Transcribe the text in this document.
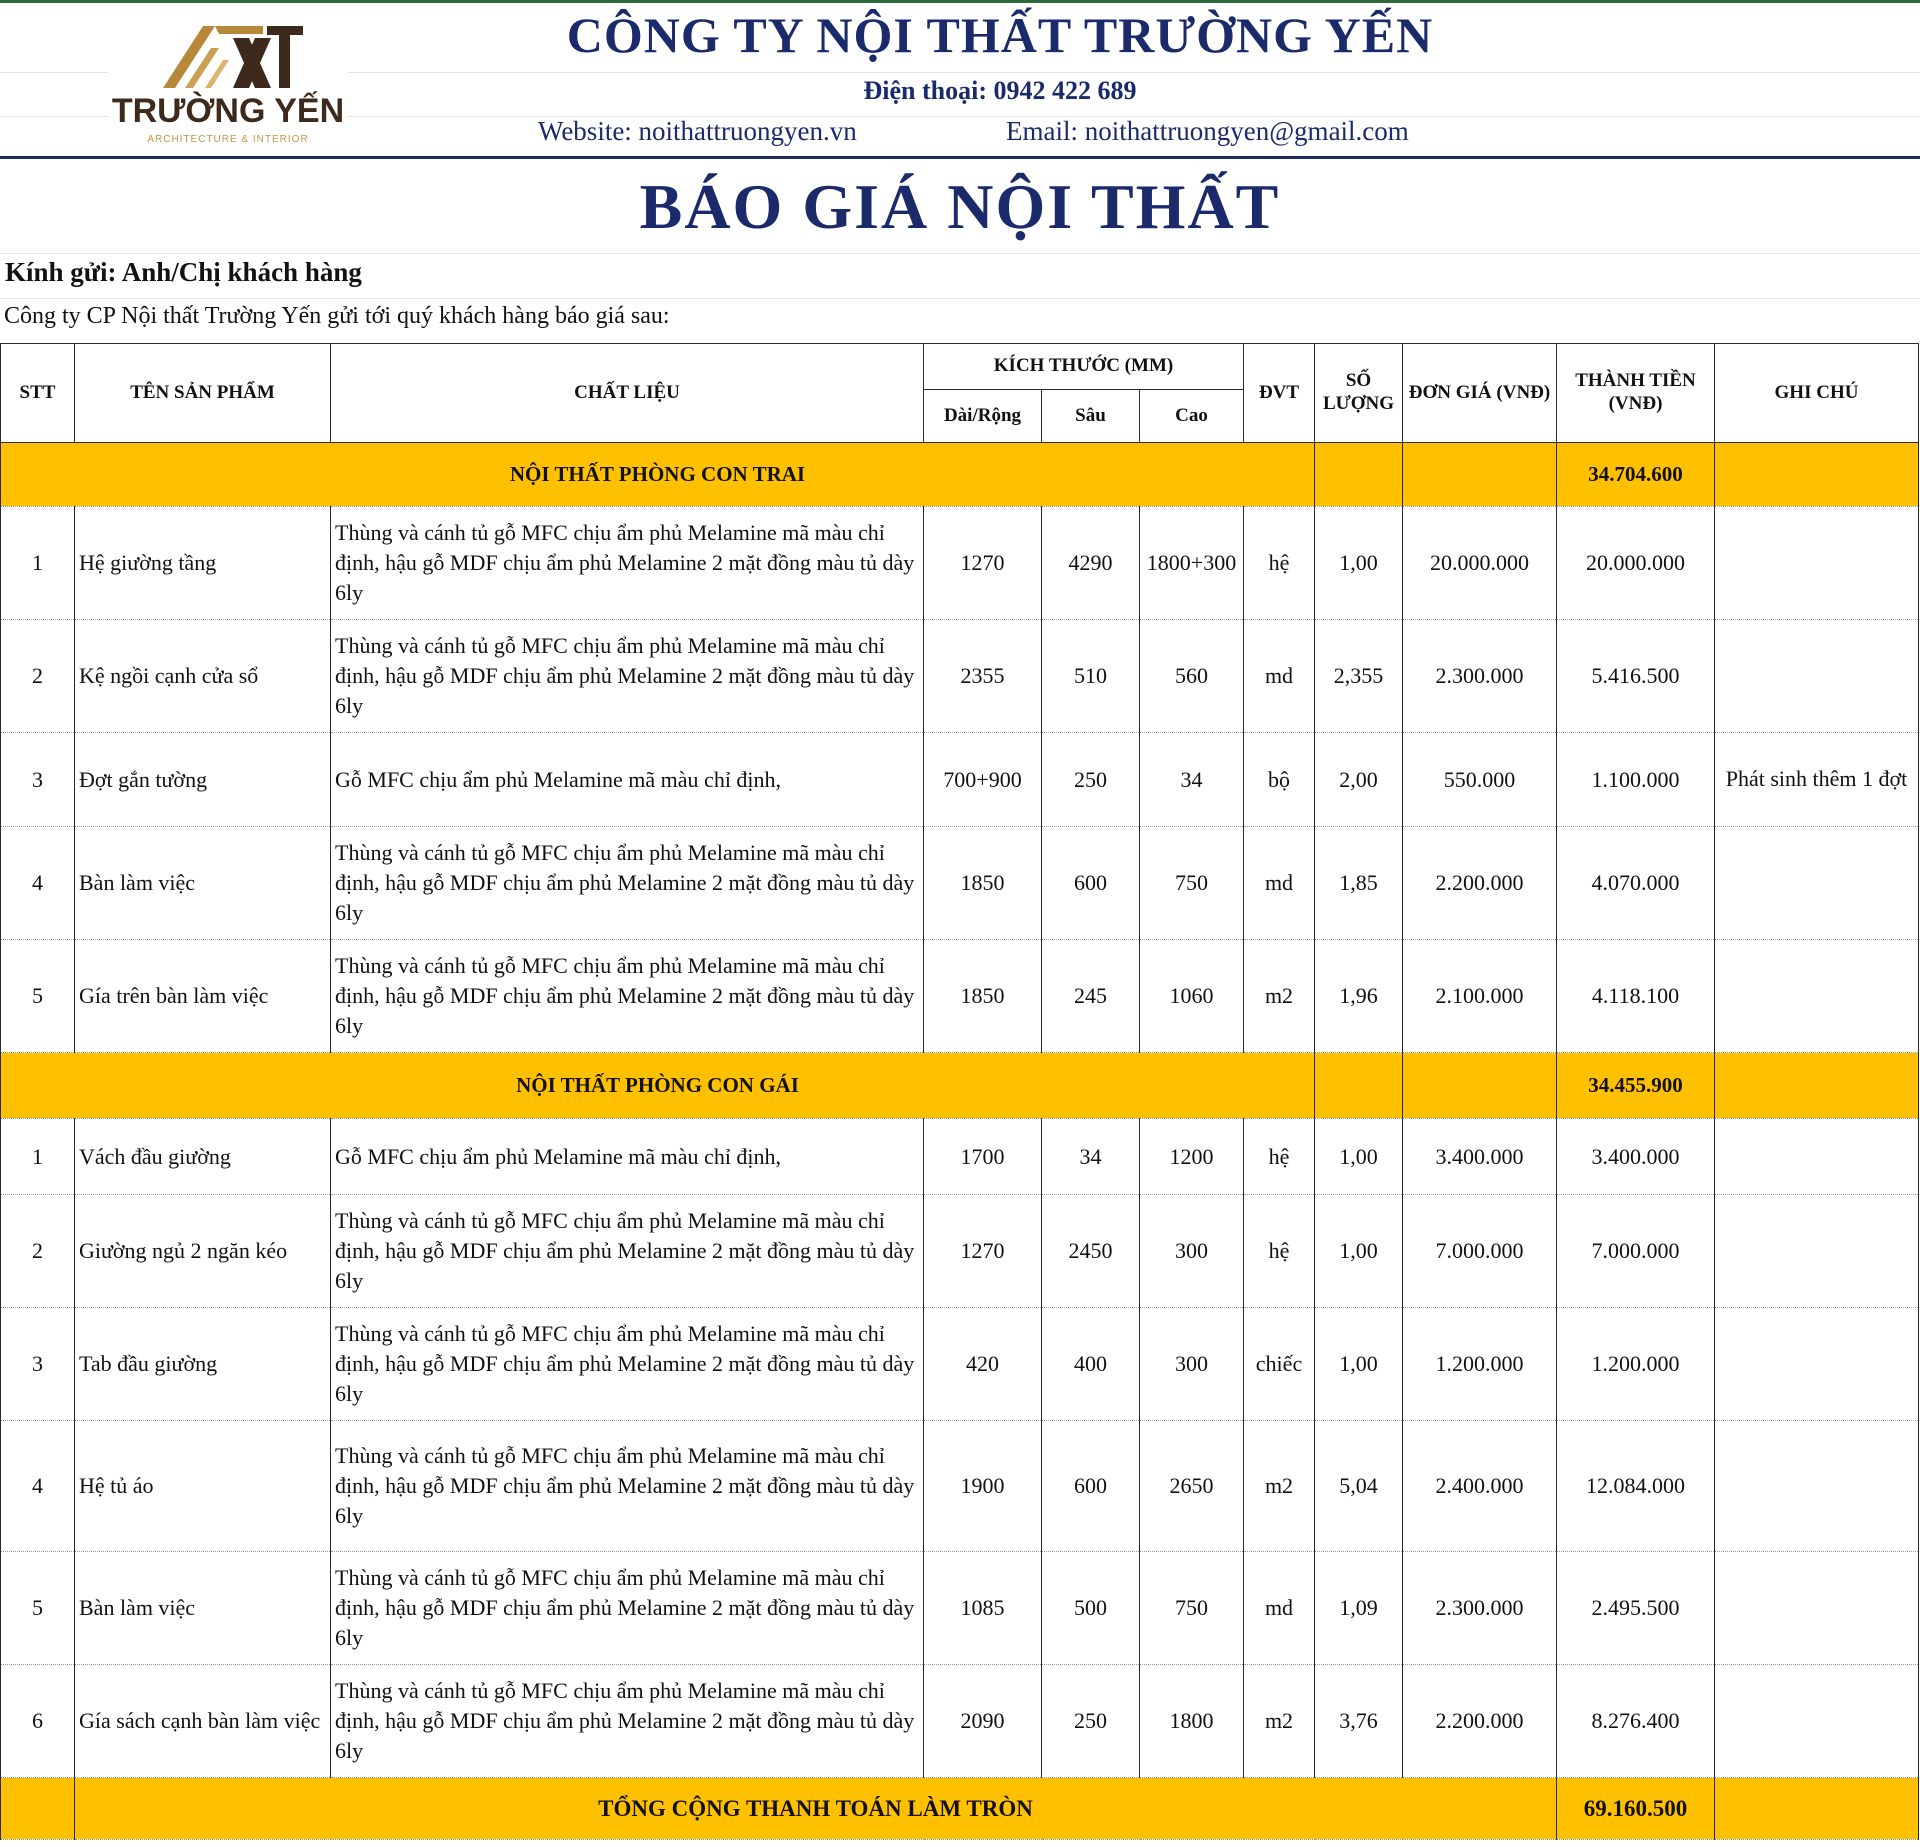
TRƯỜNG YẾN
ARCHITECTURE & INTERIOR
CÔNG TY NỘI THẤT TRƯỜNG YẾN
Điện thoại: 0942 422 689
Website: noithattruongyen.vn	Email: noithattruongyen@gmail.com
BÁO GIÁ NỘI THẤT
Kính gửi: Anh/Chị khách hàng
Công ty CP Nội thất Trường Yến gửi tới quý khách hàng báo giá sau:
STT	TÊN SẢN PHẨM	CHẤT LIỆU	KÍCH THƯỚC (MM)			ĐVT	SỐ LƯỢNG	ĐƠN GIÁ (VNĐ)	THÀNH TIỀN (VNĐ)	GHI CHÚ
			Dài/Rộng	Sâu	Cao					
NỘI THẤT PHÒNG CON TRAI									34.704.600	
1	Hệ giường tầng	Thùng và cánh tủ gỗ MFC chịu ẩm phủ Melamine mã màu chỉ định, hậu gỗ MDF chịu ẩm phủ Melamine 2 mặt đồng màu tủ dày 6ly	1270	4290	1800+300	hệ	1,00	20.000.000	20.000.000	
2	Kệ ngồi cạnh cửa sổ	Thùng và cánh tủ gỗ MFC chịu ẩm phủ Melamine mã màu chỉ định, hậu gỗ MDF chịu ẩm phủ Melamine 2 mặt đồng màu tủ dày 6ly	2355	510	560	md	2,355	2.300.000	5.416.500	
3	Đợt gắn tường	Gỗ MFC chịu ẩm phủ Melamine mã màu chỉ định,	700+900	250	34	bộ	2,00	550.000	1.100.000	Phát sinh thêm 1 đợt
4	Bàn làm việc	Thùng và cánh tủ gỗ MFC chịu ẩm phủ Melamine mã màu chỉ định, hậu gỗ MDF chịu ẩm phủ Melamine 2 mặt đồng màu tủ dày 6ly	1850	600	750	md	1,85	2.200.000	4.070.000	
5	Gía trên bàn làm việc	Thùng và cánh tủ gỗ MFC chịu ẩm phủ Melamine mã màu chỉ định, hậu gỗ MDF chịu ẩm phủ Melamine 2 mặt đồng màu tủ dày 6ly	1850	245	1060	m2	1,96	2.100.000	4.118.100	
NỘI THẤT PHÒNG CON GÁI									34.455.900	
1	Vách đầu giường	Gỗ MFC chịu ẩm phủ Melamine mã màu chỉ định,	1700	34	1200	hệ	1,00	3.400.000	3.400.000	
2	Giường ngủ 2 ngăn kéo	Thùng và cánh tủ gỗ MFC chịu ẩm phủ Melamine mã màu chỉ định, hậu gỗ MDF chịu ẩm phủ Melamine 2 mặt đồng màu tủ dày 6ly	1270	2450	300	hệ	1,00	7.000.000	7.000.000	
3	Tab đầu giường	Thùng và cánh tủ gỗ MFC chịu ẩm phủ Melamine mã màu chỉ định, hậu gỗ MDF chịu ẩm phủ Melamine 2 mặt đồng màu tủ dày 6ly	420	400	300	chiếc	1,00	1.200.000	1.200.000	
4	Hệ tủ áo	Thùng và cánh tủ gỗ MFC chịu ẩm phủ Melamine mã màu chỉ định, hậu gỗ MDF chịu ẩm phủ Melamine 2 mặt đồng màu tủ dày 6ly	1900	600	2650	m2	5,04	2.400.000	12.084.000	
5	Bàn làm việc	Thùng và cánh tủ gỗ MFC chịu ẩm phủ Melamine mã màu chỉ định, hậu gỗ MDF chịu ẩm phủ Melamine 2 mặt đồng màu tủ dày 6ly	1085	500	750	md	1,09	2.300.000	2.495.500	
6	Gía sách cạnh bàn làm việc	Thùng và cánh tủ gỗ MFC chịu ẩm phủ Melamine mã màu chỉ định, hậu gỗ MDF chịu ẩm phủ Melamine 2 mặt đồng màu tủ dày 6ly	2090	250	1800	m2	3,76	2.200.000	8.276.400	
	TỔNG CỘNG THANH TOÁN LÀM TRÒN								69.160.500	
